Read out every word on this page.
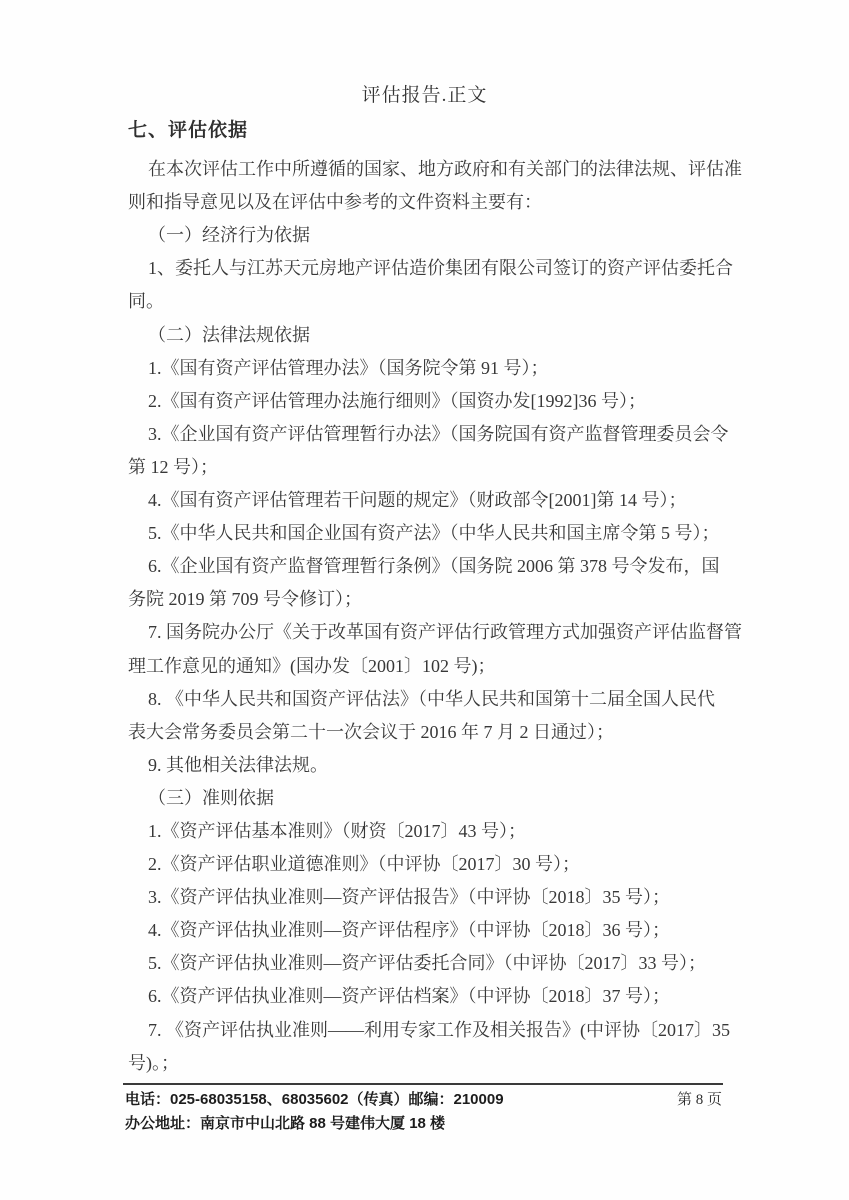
评估报告.正文
七、评估依据
在本次评估工作中所遵循的国家、地方政府和有关部门的法律法规、评估准
则和指导意见以及在评估中参考的文件资料主要有：
（一）经济行为依据
1、委托人与江苏天元房地产评估造价集团有限公司签订的资产评估委托合
同。
（二）法律法规依据
1.《国有资产评估管理办法》（国务院令第 91 号）；
2.《国有资产评估管理办法施行细则》（国资办发[1992]36 号）；
3.《企业国有资产评估管理暂行办法》（国务院国有资产监督管理委员会令
第 12 号）；
4.《国有资产评估管理若干问题的规定》（财政部令[2001]第 14 号）；
5.《中华人民共和国企业国有资产法》（中华人民共和国主席令第 5 号）；
6.《企业国有资产监督管理暂行条例》（国务院 2006 第 378 号令发布，国
务院 2019 第 709 号令修订）；
7. 国务院办公厅《关于改革国有资产评估行政管理方式加强资产评估监督管
理工作意见的通知》(国办发〔2001〕102 号)；
8. 《中华人民共和国资产评估法》（中华人民共和国第十二届全国人民代
表大会常务委员会第二十一次会议于 2016 年 7 月 2 日通过）；
9. 其他相关法律法规。
（三）准则依据
1.《资产评估基本准则》（财资〔2017〕43 号）；
2.《资产评估职业道德准则》（中评协〔2017〕30 号）；
3.《资产评估执业准则—资产评估报告》（中评协〔2018〕35 号）；
4.《资产评估执业准则—资产评估程序》（中评协〔2018〕36 号）；
5.《资产评估执业准则—资产评估委托合同》（中评协〔2017〕33 号）；
6.《资产评估执业准则—资产评估档案》（中评协〔2018〕37 号）；
7. 《资产评估执业准则——利用专家工作及相关报告》(中评协〔2017〕35
号)。；
电话：025-68035158、68035602（传真）邮编：210009
办公地址：南京市中山北路 88 号建伟大厦 18 楼
第 8 页
